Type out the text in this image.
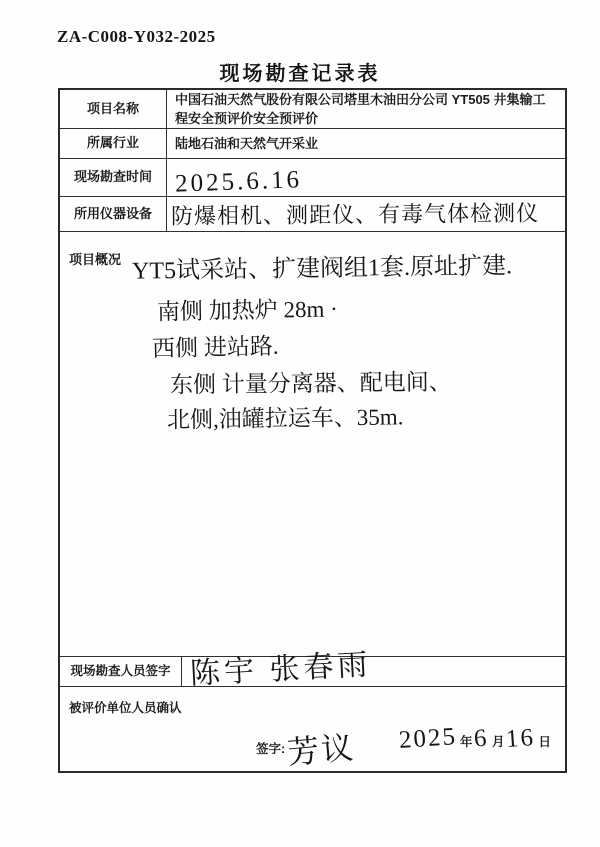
ZA-C008-Y032-2025
现场勘查记录表
项目名称
中国石油天然气股份有限公司塔里木油田分公司 YT505 井集输工程安全预评价安全预评价
所属行业	陆地石油和天然气开采业
现场勘查时间 2025.6.16
所用仪器设备 防爆相机、测距仪、有毒气体检测仪
项目概况 YT5试采站、扩建阀组1套.原址扩建.
南侧 加热炉 28m ·
西侧 进站路.
东侧 计量分离器、配电间、
北侧,油罐拉运车、35m.
现场勘查人员签字 陈宇 张春雨
被评价单位人员确认
签字: 芳议 2025 年 6 月 16 日
